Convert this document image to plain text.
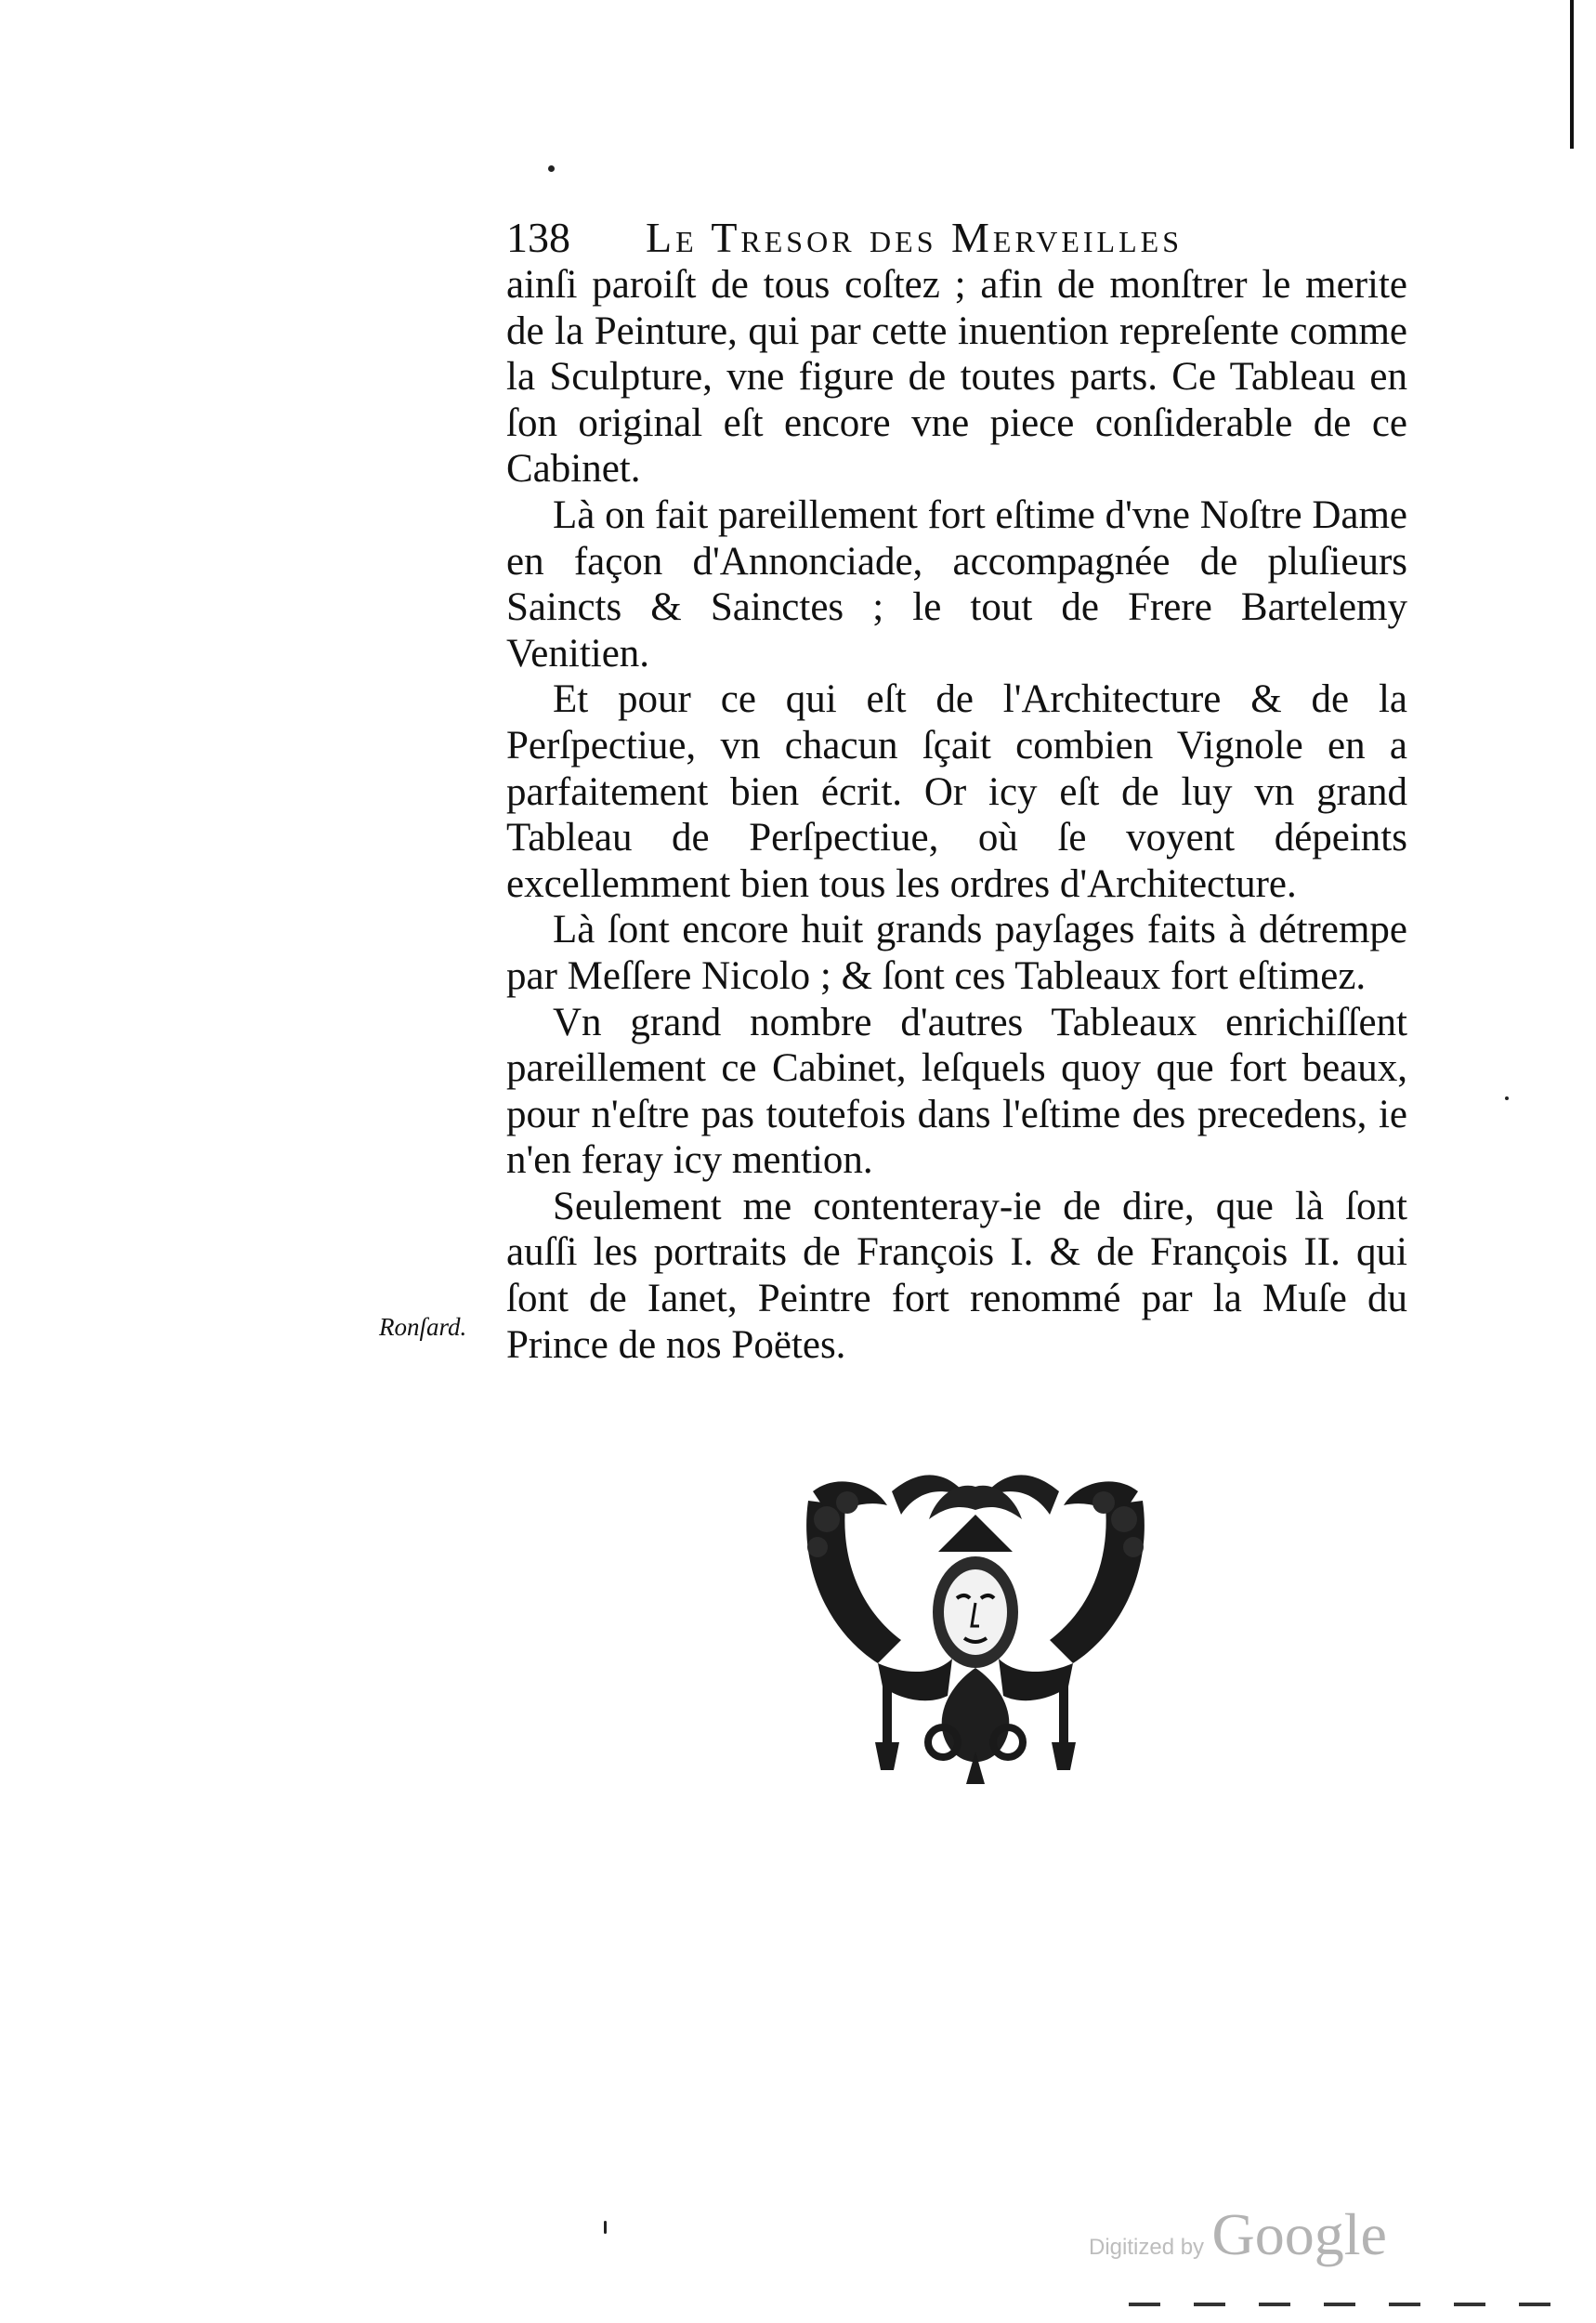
138 Le Tresor des Merveilles

ainſi paroiſt de tous coſtez ; afin de monſtrer le merite de la Peinture, qui par cette inuention repreſente comme la Sculpture, vne figure de toutes parts. Ce Tableau en ſon original eſt encore vne piece conſiderable de ce Cabinet.

Là on fait pareillement fort eſtime d'vne Noſtre Dame en façon d'Annonciade, accompagnée de pluſieurs Saincts & Sainctes ; le tout de Frere Bartelemy Venitien.

Et pour ce qui eſt de l'Architecture & de la Perſpectiue, vn chacun ſçait combien Vignole en a parfaitement bien écrit. Or icy eſt de luy vn grand Tableau de Perſpectiue, où ſe voyent dépeints excellemment bien tous les ordres d'Architecture.

Là ſont encore huit grands payſages faits à détrempe par Meſſere Nicolo ; & ſont ces Tableaux fort eſtimez.

Vn grand nombre d'autres Tableaux enrichiſſent pareillement ce Cabinet, leſquels quoy que fort beaux, pour n'eſtre pas toutefois dans l'eſtime des precedens, ie n'en feray icy mention.

Seulement me contenteray-ie de dire, que là ſont auſſi les portraits de François I. & de François II. qui ſont de Ianet, Peintre fort renommé par la Muſe du Prince de nos Poëtes.

Ronſard.
Digitized by Google
